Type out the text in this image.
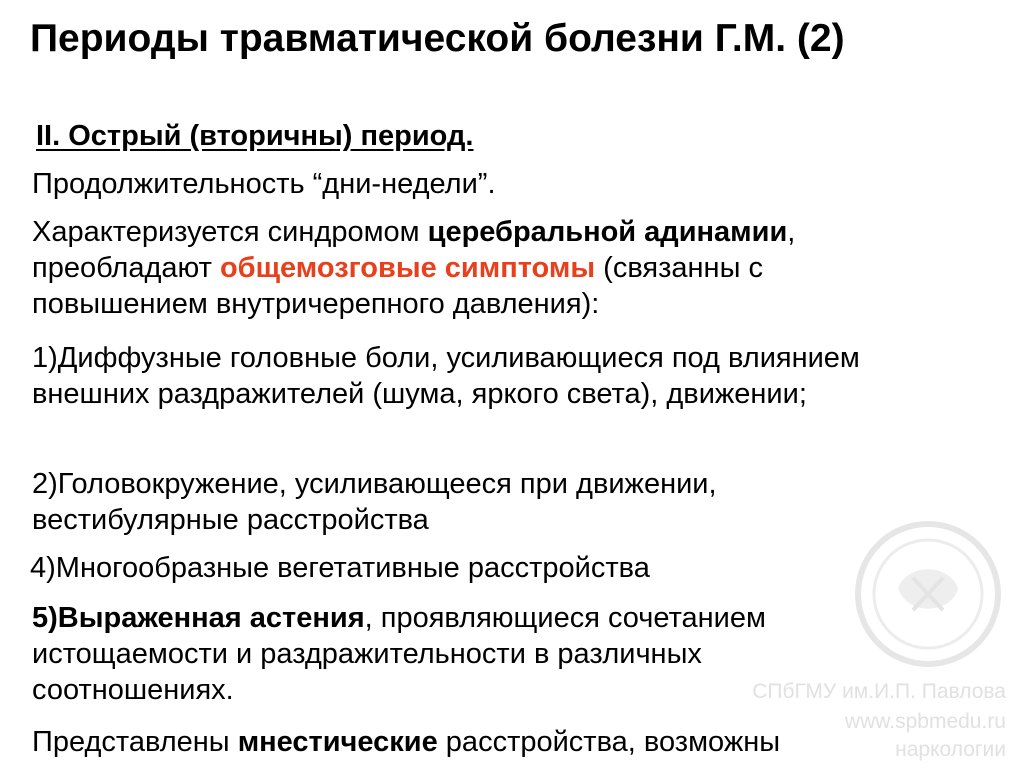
Периоды травматической болезни Г.М. (2)
II. Острый (вторичны) период.
Продолжительность “дни-недели”.
Характеризуется синдромом церебральной адинамии, преобладают общемозговые симптомы (связанны с повышением внутричерепного давления):
1)Диффузные головные боли, усиливающиеся под влиянием внешних раздражителей (шума, яркого света), движении;
2)Головокружение, усиливающееся при движении, вестибулярные расстройства
4)Многообразные вегетативные расстройства
5)Выраженная астения, проявляющиеся сочетанием истощаемости и раздражительности в различных соотношениях.
Представлены мнестические расстройства, возможны
СПбГМУ им.И.П. Павлова
www.spbmedu.ru
наркологии
